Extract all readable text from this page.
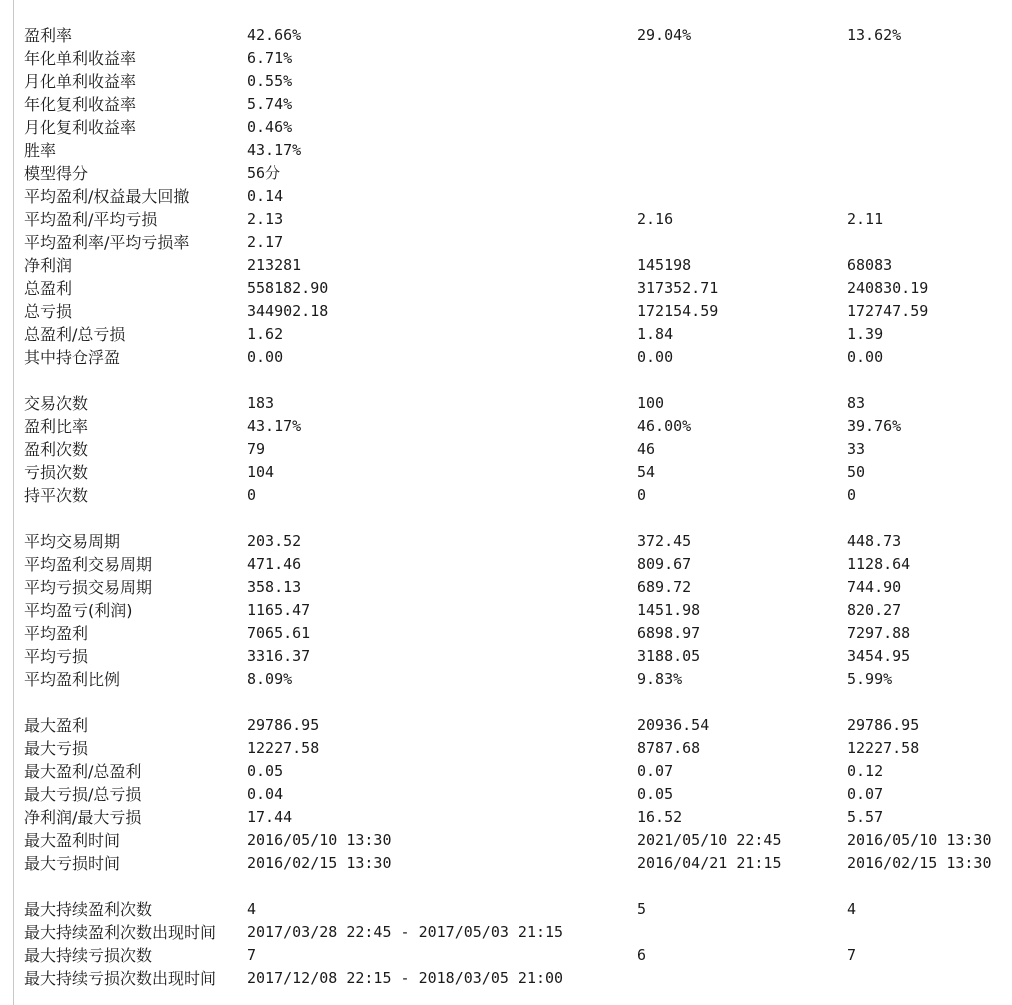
盈利率	42.66%	29.04%	13.62%
年化单利收益率	6.71%
月化单利收益率	0.55%
年化复利收益率	5.74%
月化复利收益率	0.46%
胜率	43.17%
模型得分	56分
平均盈利/权益最大回撤	0.14
平均盈利/平均亏损	2.13	2.16	2.11
平均盈利率/平均亏损率	2.17
净利润	213281	145198	68083
总盈利	558182.90	317352.71	240830.19
总亏损	344902.18	172154.59	172747.59
总盈利/总亏损	1.62	1.84	1.39
其中持仓浮盈	0.00	0.00	0.00
交易次数	183	100	83
盈利比率	43.17%	46.00%	39.76%
盈利次数	79	46	33
亏损次数	104	54	50
持平次数	0	0	0
平均交易周期	203.52	372.45	448.73
平均盈利交易周期	471.46	809.67	1128.64
平均亏损交易周期	358.13	689.72	744.90
平均盈亏(利润)	1165.47	1451.98	820.27
平均盈利	7065.61	6898.97	7297.88
平均亏损	3316.37	3188.05	3454.95
平均盈利比例	8.09%	9.83%	5.99%
最大盈利	29786.95	20936.54	29786.95
最大亏损	12227.58	8787.68	12227.58
最大盈利/总盈利	0.05	0.07	0.12
最大亏损/总亏损	0.04	0.05	0.07
净利润/最大亏损	17.44	16.52	5.57
最大盈利时间	2016/05/10 13:30	2021/05/10 22:45	2016/05/10 13:30
最大亏损时间	2016/02/15 13:30	2016/04/21 21:15	2016/02/15 13:30
最大持续盈利次数	4	5	4
最大持续盈利次数出现时间 2017/03/28 22:45 - 2017/05/03 21:15
最大持续亏损次数	7	6	7
最大持续亏损次数出现时间 2017/12/08 22:15 - 2018/03/05 21:00
